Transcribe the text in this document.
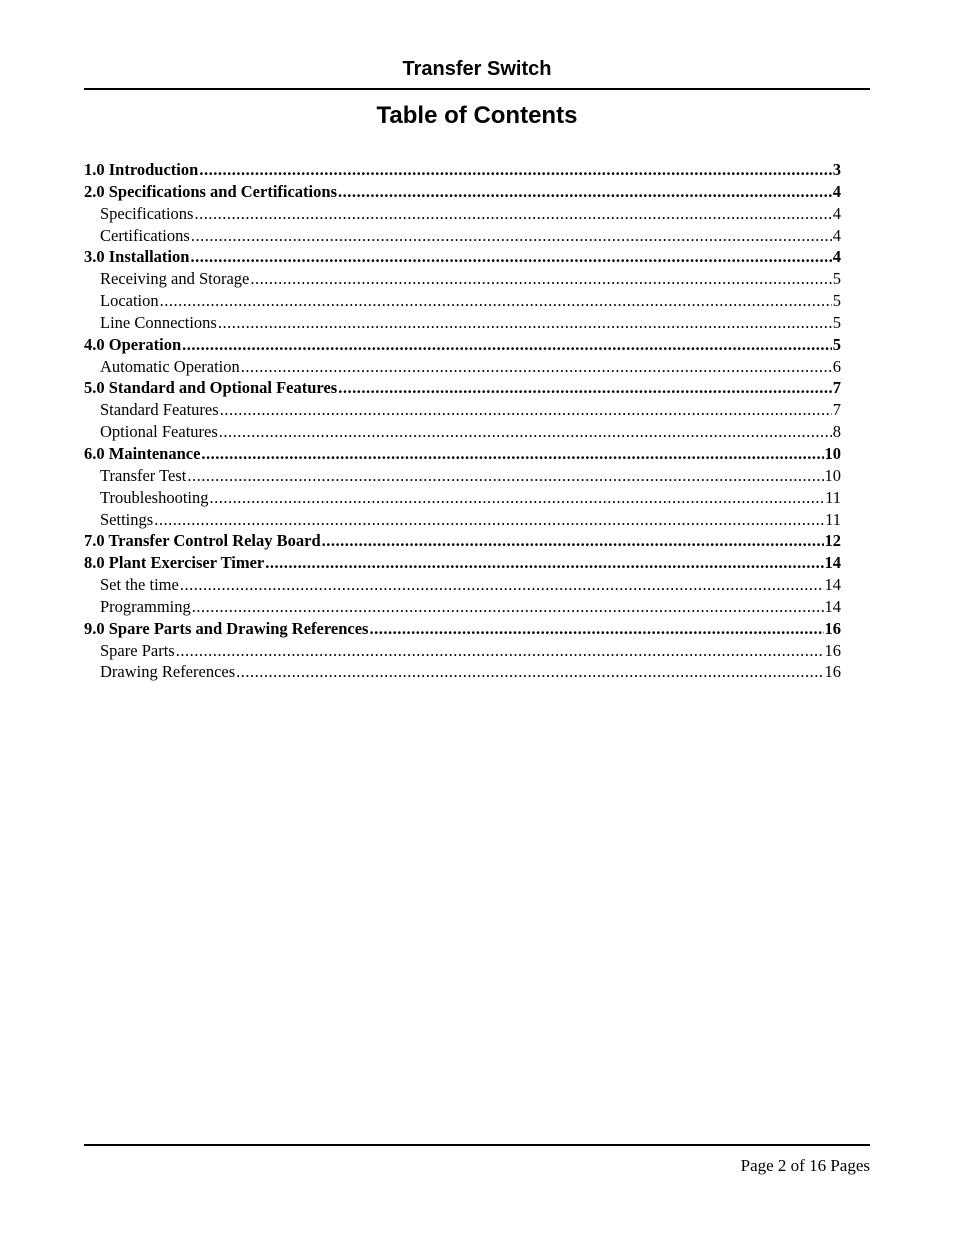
Transfer Switch
Table of Contents
1.0 Introduction .....	3
2.0 Specifications and Certifications .....	4
Specifications .....	4
Certifications .....	4
3.0 Installation .....	4
Receiving and Storage .....	5
Location .....	5
Line Connections .....	5
4.0 Operation .....	5
Automatic Operation .....	6
5.0 Standard and Optional Features .....	7
Standard Features .....	7
Optional Features .....	8
6.0 Maintenance .....	10
Transfer Test .....	10
Troubleshooting .....	11
Settings .....	11
7.0 Transfer Control Relay Board .....	12
8.0 Plant Exerciser Timer .....	14
Set the time .....	14
Programming .....	14
9.0 Spare Parts and Drawing References .....	16
Spare Parts .....	16
Drawing References .....	16
Page 2 of 16 Pages
